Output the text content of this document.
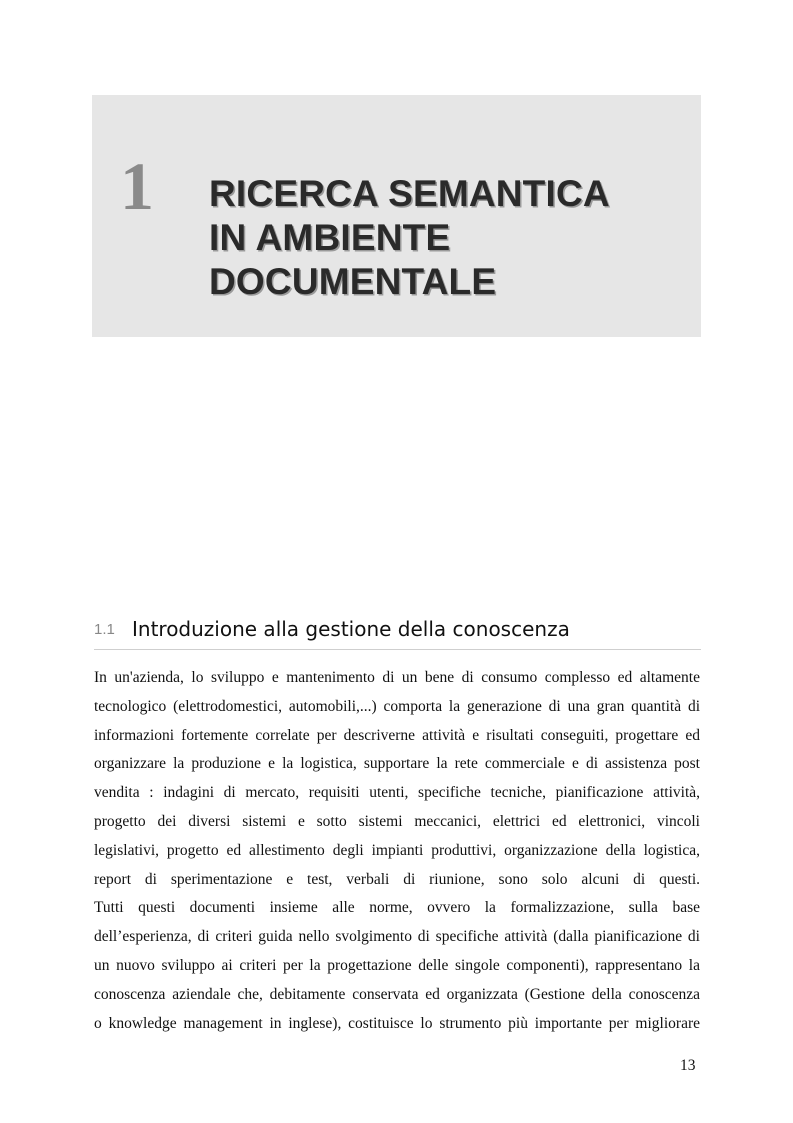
1 RICERCA SEMANTICA
IN AMBIENTE
DOCUMENTALE
1.1 Introduzione alla gestione della conoscenza
In un'azienda, lo sviluppo e mantenimento di un bene di consumo complesso ed altamente
tecnologico (elettrodomestici, automobili,...) comporta la generazione di una gran quantità di
informazioni fortemente correlate per descriverne attività e risultati conseguiti, progettare ed
organizzare la produzione e la logistica, supportare la rete commerciale e di assistenza post
vendita : indagini di mercato, requisiti utenti, specifiche tecniche, pianificazione attività,
progetto dei diversi sistemi e sotto sistemi meccanici, elettrici ed elettronici, vincoli
legislativi, progetto ed allestimento degli impianti produttivi, organizzazione della logistica,
report di sperimentazione e test, verbali di riunione, sono solo alcuni di questi.
Tutti questi documenti insieme alle norme, ovvero la formalizzazione, sulla base
dell’esperienza, di criteri guida nello svolgimento di specifiche attività (dalla pianificazione di
un nuovo sviluppo ai criteri per la progettazione delle singole componenti), rappresentano la
conoscenza aziendale che, debitamente conservata ed organizzata (Gestione della conoscenza
o knowledge management in inglese), costituisce lo strumento più importante per migliorare
13
